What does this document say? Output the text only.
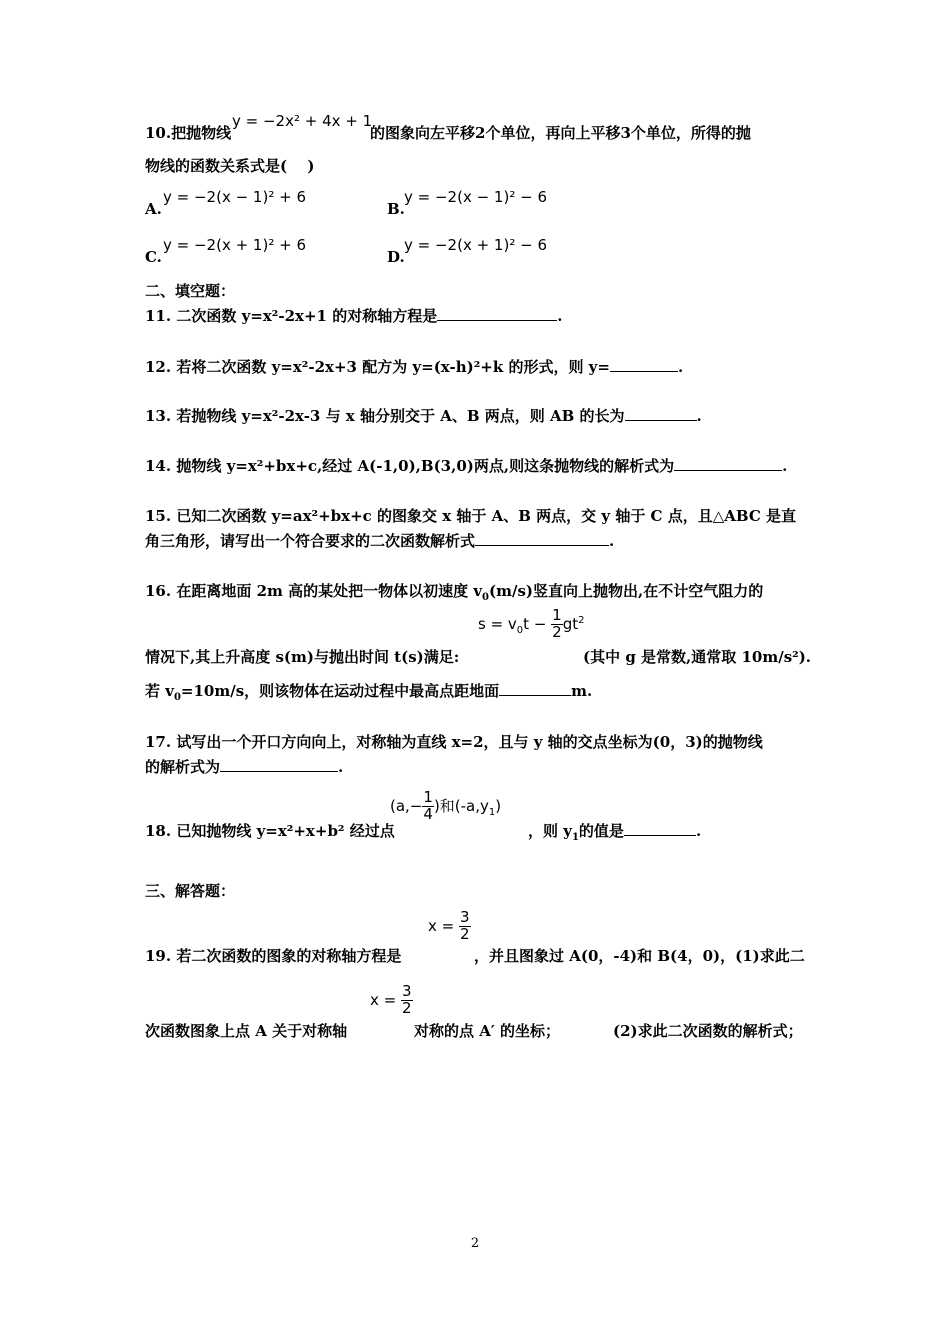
10.把抛物线
y = −2x² + 4x + 1
的图象向左平移2个单位，再向上平移3个单位，所得的抛
物线的函数关系式是(　 )
A.
y = −2(x − 1)² + 6
B.
y = −2(x − 1)² − 6
C.
y = −2(x + 1)² + 6
D.
y = −2(x + 1)² − 6
二、填空题：
11. 二次函数 y=x²-2x+1 的对称轴方程是	.
12. 若将二次函数 y=x²-2x+3 配方为 y=(x-h)²+k 的形式，则 y=	.
13. 若抛物线 y=x²-2x-3 与 x 轴分别交于 A、B 两点，则 AB 的长为	.
14. 抛物线 y=x²+bx+c,经过 A(-1,0),B(3,0)两点,则这条抛物线的解析式为	.
15. 已知二次函数 y=ax²+bx+c 的图象交 x 轴于 A、B 两点，交 y 轴于 C 点，且△ABC 是直
角三角形，请写出一个符合要求的二次函数解析式	.
16. 在距离地面 2m 高的某处把一物体以初速度 $v_0(m/s)$竖直向上抛物出,在不计空气阻力的
$s = v_0t - \frac{1}{2} gt^2$
情况下,其上升高度 s(m)与抛出时间 t(s)满足:	(其中 g 是常数,通常取 10m/s²).
若 $v_0=10m/s$，则该物体在运动过程中最高点距地面	m.
17. 试写出一个开口方向向上，对称轴为直线 x=2，且与 y 轴的交点坐标为(0，3)的抛物线
的解析式为	.
18. 已知抛物线 y=x²+x+b² 经过点
($a,- \frac{1}{4}$ )和$(-a,y_1)$
，则 $y_1$的值是	.
三、解答题：
19. 若二次函数的图象的对称轴方程是
$x = \frac{3}{2}$
，并且图象过 A(0，-4)和 B(4，0)，(1)求此二
次函数图象上点 A 关于对称轴
$x = \frac{3}{2}$
对称的点 A′ 的坐标；	(2)求此二次函数的解析式；
2
